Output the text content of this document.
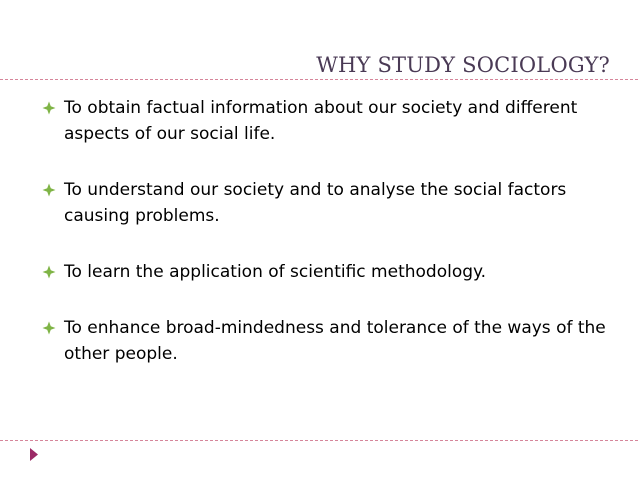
WHY STUDY SOCIOLOGY?
To obtain factual information about our society and different aspects of our social life.
To understand our society and to analyse the social factors causing problems.
To learn the application of scientific methodology.
To enhance broad-mindedness and tolerance of the ways of the other people.
